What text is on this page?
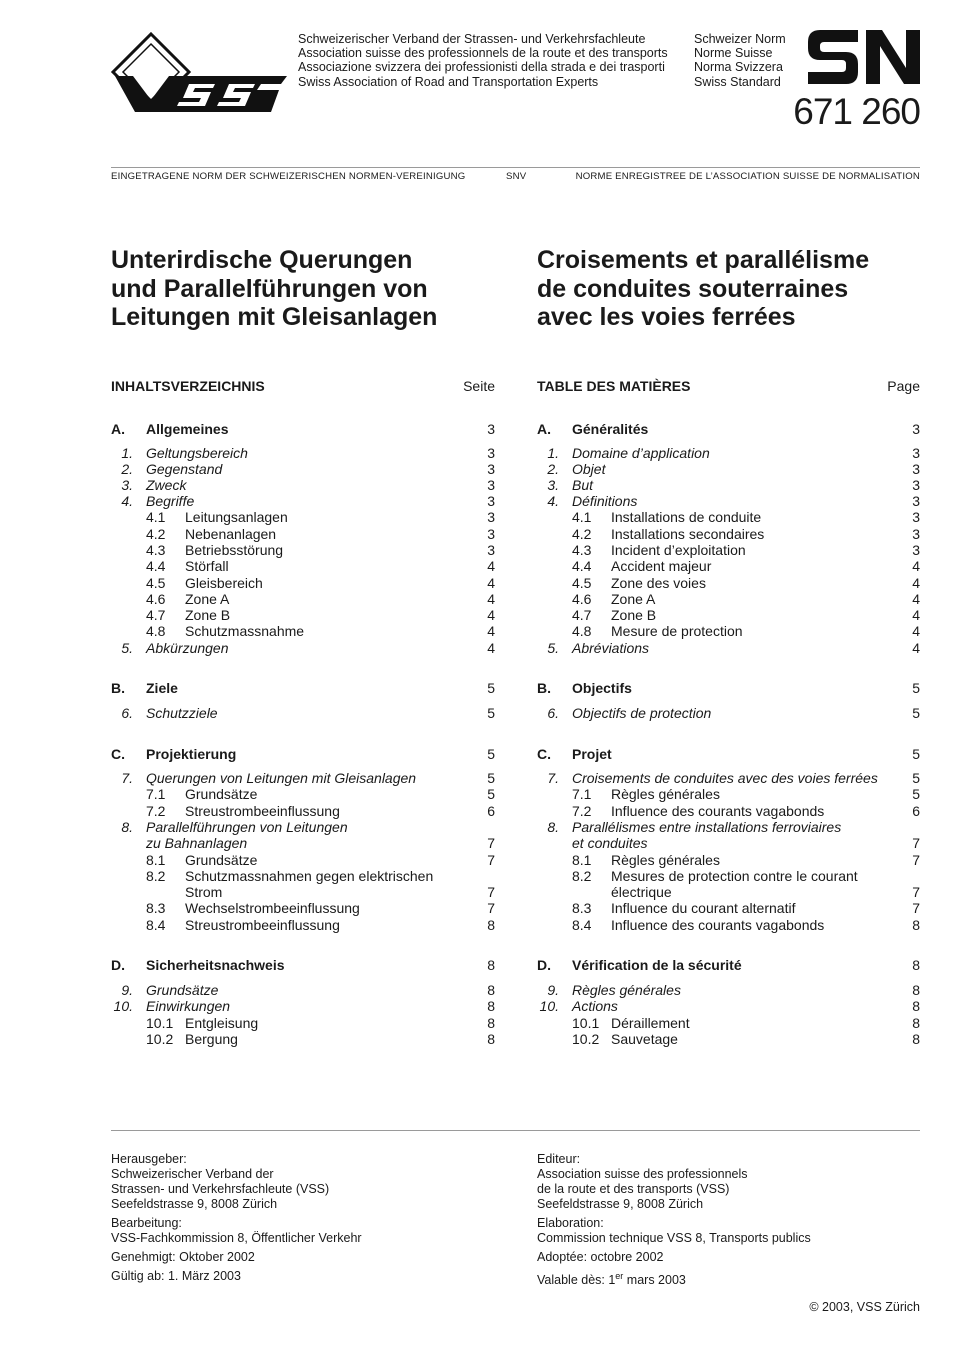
Schweizerischer Verband der Strassen- und Verkehrsfachleute
Association suisse des professionnels de la route et des transports
Associazione svizzera dei professionisti della strada e dei trasporti
Swiss Association of Road and Transportation Experts
Schweizer Norm
Norme Suisse
Norma Svizzera
Swiss Standard
671 260
EINGETRAGENE NORM DER SCHWEIZERISCHEN NORMEN-VEREINIGUNG	SNV	NORME ENREGISTREE DE L’ASSOCIATION SUISSE DE NORMALISATION
Unterirdische Querungen
und Parallelführungen von
Leitungen mit Gleisanlagen
Croisements et parallélisme
de conduites souterraines
avec les voies ferrées
INHALTSVERZEICHNIS	Seite	TABLE DES MATIÈRES	Page
A.	Allgemeines	3
1. Geltungsbereich	3
2. Gegenstand	3
3. Zweck	3
4. Begriffe	3
4.1 Leitungsanlagen	3
4.2 Nebenanlagen	3
4.3 Betriebsstörung	3
4.4 Störfall	4
4.5 Gleisbereich	4
4.6 Zone A	4
4.7 Zone B	4
4.8 Schutzmassnahme	4
5. Abkürzungen	4
B.	Ziele	5
6. Schutzziele	5
C.	Projektierung	5
7. Querungen von Leitungen mit Gleisanlagen	5
7.1 Grundsätze	5
7.2 Streustrombeeinflussung	6
8. Parallelführungen von Leitungen
zu Bahnanlagen	7
8.1 Grundsätze	7
8.2 Schutzmassnahmen gegen elektrischen
Strom	7
8.3 Wechselstrombeeinflussung	7
8.4 Streustrombeeinflussung	8
D.	Sicherheitsnachweis	8
9. Grundsätze	8
10. Einwirkungen	8
10.1 Entgleisung	8
10.2 Bergung	8
A.	Généralités	3
1. Domaine d’application	3
2. Objet	3
3. But	3
4. Définitions	3
4.1 Installations de conduite	3
4.2 Installations secondaires	3
4.3 Incident d’exploitation	3
4.4 Accident majeur	4
4.5 Zone des voies	4
4.6 Zone A	4
4.7 Zone B	4
4.8 Mesure de protection	4
5. Abréviations	4
B.	Objectifs	5
6. Objectifs de protection	5
C.	Projet	5
7. Croisements de conduites avec des voies ferrées 5
7.1 Règles générales	5
7.2 Influence des courants vagabonds	6
8. Parallélismes entre installations ferroviaires
et conduites	7
8.1 Règles générales	7
8.2 Mesures de protection contre le courant
électrique	7
8.3 Influence du courant alternatif	7
8.4 Influence des courants vagabonds	8
D.	Vérification de la sécurité	8
9. Règles générales	8
10. Actions	8
10.1 Déraillement	8
10.2 Sauvetage	8

Herausgeber:
Schweizerischer Verband der
Strassen- und Verkehrsfachleute (VSS)
Seefeldstrasse 9, 8008 Zürich

Bearbeitung:
VSS-Fachkommission 8, Öffentlicher Verkehr

Genehmigt: Oktober 2002

Gültig ab: 1. März 2003

Editeur:
Association suisse des professionnels
de la route et des transports (VSS)
Seefeldstrasse 9, 8008 Zürich

Elaboration:
Commission technique VSS 8, Transports publics

Adoptée: octobre 2002

Valable dès: 1er mars 2003

© 2003, VSS Zürich
